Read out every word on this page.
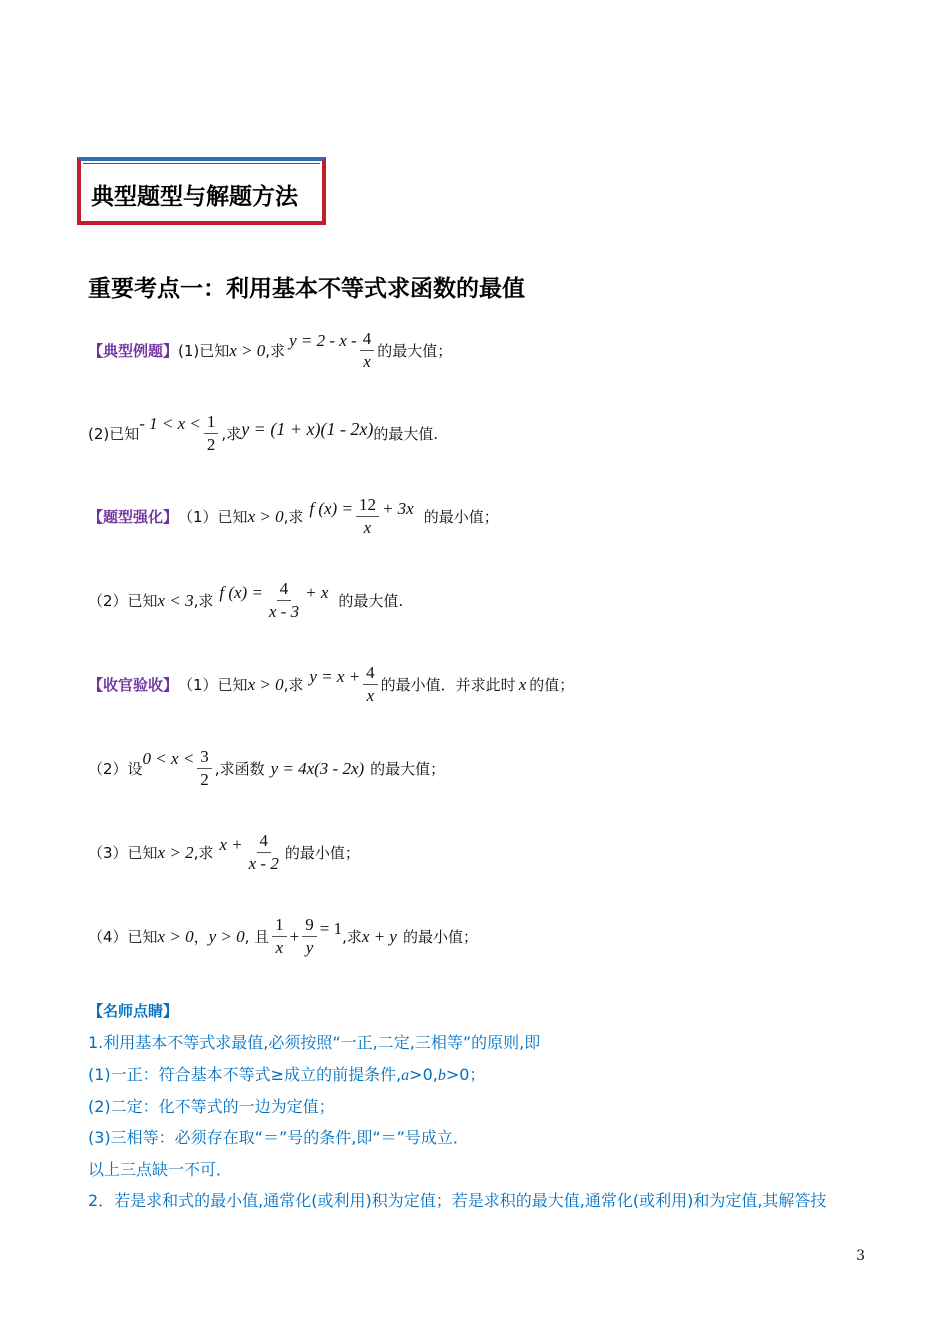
典型题型与解题方法
重要考点一：利用基本不等式求函数的最值
【典型例题】 (1)已知 x > 0 ,求
$y = 2 - x - \frac{4}{x}$ 的最大值；
(2)已知
- $1 < x < \frac{1}{2}$ ,求 y = (1 + x)(1 - 2x) 的最大值.
【题型强化】 （1）已知 x > 0 ,求 f $(x) = \frac{12}{x} + 3x$ 的最小值；
（2）已知 x < 3 ,求 f $(x) = \frac{4}{x - 3} + x$ 的最大值.
【收官验收】 （1）已知 x > 0 ,求 $y = x + \frac{4}{x}$ 的最小值．并求此时 x 的值；
（2）设
$0 < x < \frac{3}{2}$ ,求函数 y = 4x(3 - 2x) 的最大值；
（3）已知 x > 2 ,求 $x + \frac{4}{x - 2}$ 的最小值；
（4）已知 x > 0 ， y > 0 , 且 $\frac{1}{x} + \frac{9}{y} = 1$ ,求 x + y 的最小值；
【名师点睛】
1.利用基本不等式求最值,必须按照“一正,二定,三相等”的原则,即
(1)一正：符合基本不等式≥成立的前提条件,a>0,b>0；
(2)二定：化不等式的一边为定值；
(3)三相等：必须存在取“＝”号的条件,即“＝”号成立．
以上三点缺一不可．
2．若是求和式的最小值,通常化(或利用)积为定值；若是求积的最大值,通常化(或利用)和为定值,其解答技
3
